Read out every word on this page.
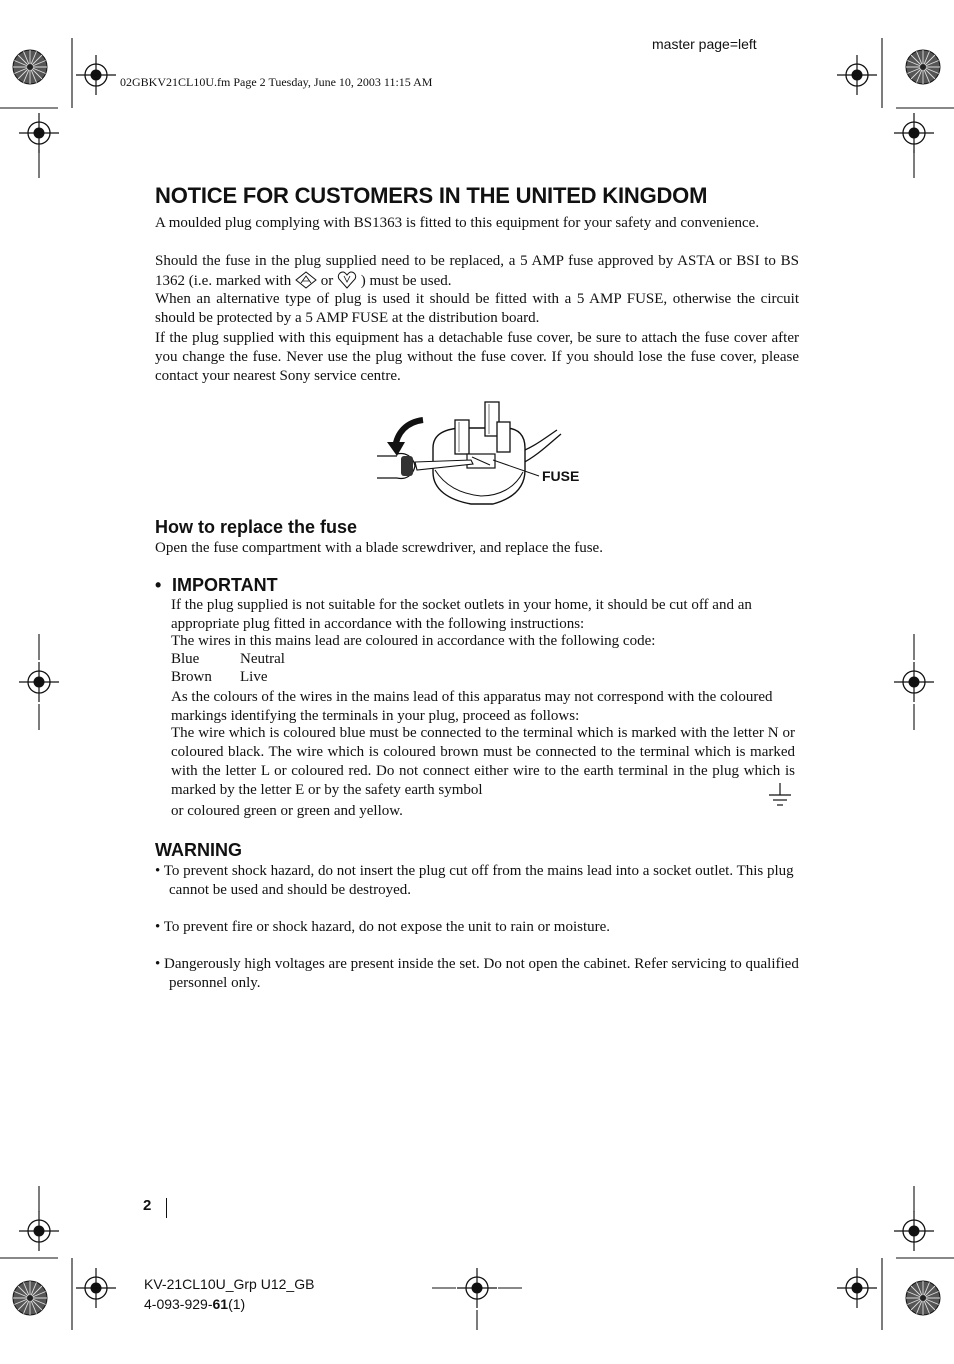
master page=left
02GBKV21CL10U.fm Page 2 Tuesday, June 10, 2003 11:15 AM
NOTICE FOR CUSTOMERS IN THE UNITED KINGDOM
A moulded plug complying with BS1363 is fitted to this equipment for your safety and convenience.
Should the fuse in the plug supplied need to be replaced, a 5 AMP fuse approved by ASTA or BSI to BS 1362 (i.e. marked with or ) must be used.
When an alternative type of plug is used it should be fitted with a 5 AMP FUSE, otherwise the circuit should be protected by a 5 AMP FUSE at the distribution board.
If the plug supplied with this equipment has a detachable fuse cover, be sure to attach the fuse cover after you change the fuse. Never use the plug without the fuse cover. If you should lose the fuse cover, please contact your nearest Sony service centre.
FUSE
How to replace the fuse
Open the fuse compartment with a blade screwdriver, and replace the fuse.
• IMPORTANT
If the plug supplied is not suitable for the socket outlets in your home, it should be cut off and an appropriate plug fitted in accordance with the following instructions:
The wires in this mains lead are coloured in accordance with the following code:
Blue	Neutral
Brown Live
As the colours of the wires in the mains lead of this apparatus may not correspond with the coloured markings identifying the terminals in your plug, proceed as follows:
The wire which is coloured blue must be connected to the terminal which is marked with the letter N or coloured black. The wire which is coloured brown must be connected to the terminal which is marked with the letter L or coloured red. Do not connect either wire to the earth terminal in the plug which is marked by the letter E or by the safety earth symbol
or coloured green or green and yellow.
WARNING
• To prevent shock hazard, do not insert the plug cut off from the mains lead into a socket outlet. This plug cannot be used and should be destroyed.
• To prevent fire or shock hazard, do not expose the unit to rain or moisture.
• Dangerously high voltages are present inside the set. Do not open the cabinet. Refer servicing to qualified personnel only.
2
KV-21CL10U_Grp U12_GB
4-093-929-61(1)
